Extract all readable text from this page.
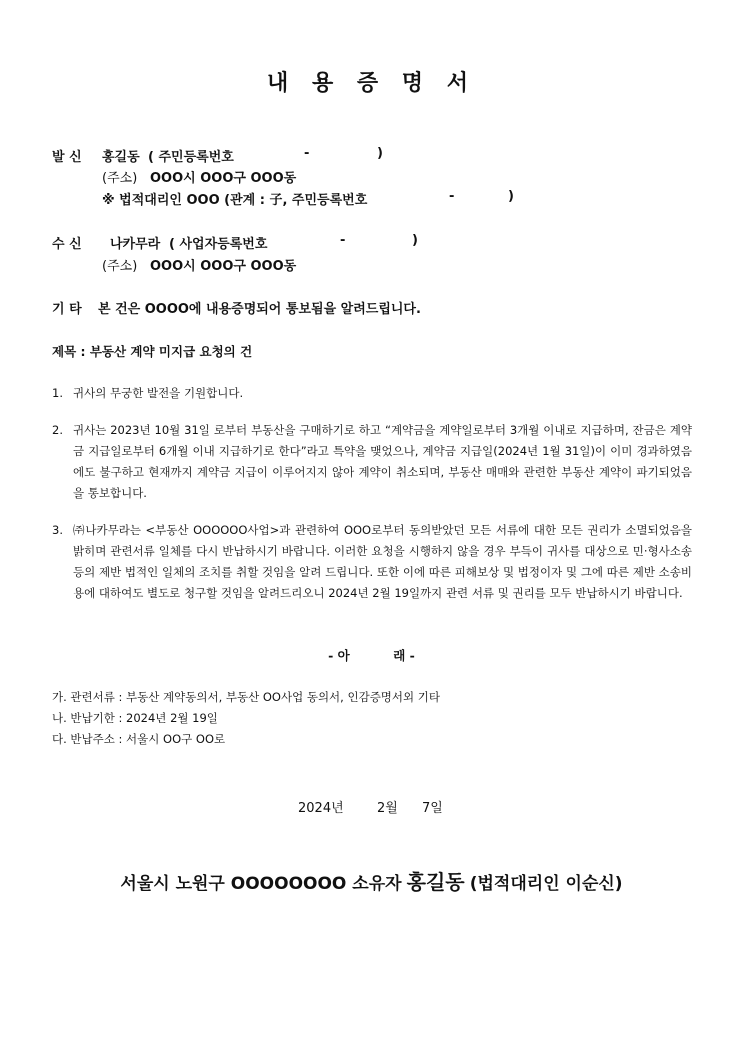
내 용 증 명 서
발 신 홍길동 ( 주민등록번호	-	)
(주소) OOO시 OOO구 OOO동
※ 법적대리인 OOO (관계 : 子, 주민등록번호	-	)
수 신 나카무라 ( 사업자등록번호	-	)
(주소) OOO시 OOO구 OOO동
기 타 본 건은 OOOO에 내용증명되어 통보됨을 알려드립니다.
제목 : 부동산 계약 미지급 요청의 건
1. 귀사의 무궁한 발전을 기원합니다.
2. 귀사는 2023년 10월 31일 로부터 부동산을 구매하기로 하고 “계약금을 계약일로부터 3개월 이내로 지급하며, 잔금은 계약금 지급일로부터 6개월 이내 지급하기로 한다”라고 특약을 맺었으나, 계약금 지급일(2024년 1월 31일)이 이미 경과하였음에도 불구하고 현재까지 계약금 지급이 이루어지지 않아 계약이 취소되며, 부동산 매매와 관련한 부동산 계약이 파기되었음을 통보합니다.
3. ㈜나카무라는 <부동산 OOOOOO사업>과 관련하여 OOO로부터 동의받았던 모든 서류에 대한 모든 권리가 소멸되었음을 밝히며 관련서류 일체를 다시 반납하시기 바랍니다. 이러한 요청을 시행하지 않을 경우 부득이 귀사를 대상으로 민·형사소송 등의 제반 법적인 일체의 조치를 취할 것임을 알려 드립니다. 또한 이에 따른 피해보상 및 법정이자 및 그에 따른 제반 소송비용에 대하여도 별도로 청구할 것임을 알려드리오니 2024년 2월 19일까지 관련 서류 및 권리를 모두 반납하시기 바랍니다.
- 아          래 -
가. 관련서류 : 부동산 계약동의서, 부동산 OO사업 동의서, 인감증명서외 기타
나. 반납기한 : 2024년 2월 19일
다. 반납주소 : 서울시 OO구 OO로
2024년	2월 7일
서울시 노원구 OOOOOOOO 소유자 홍길동 (법적대리인 이순신)
